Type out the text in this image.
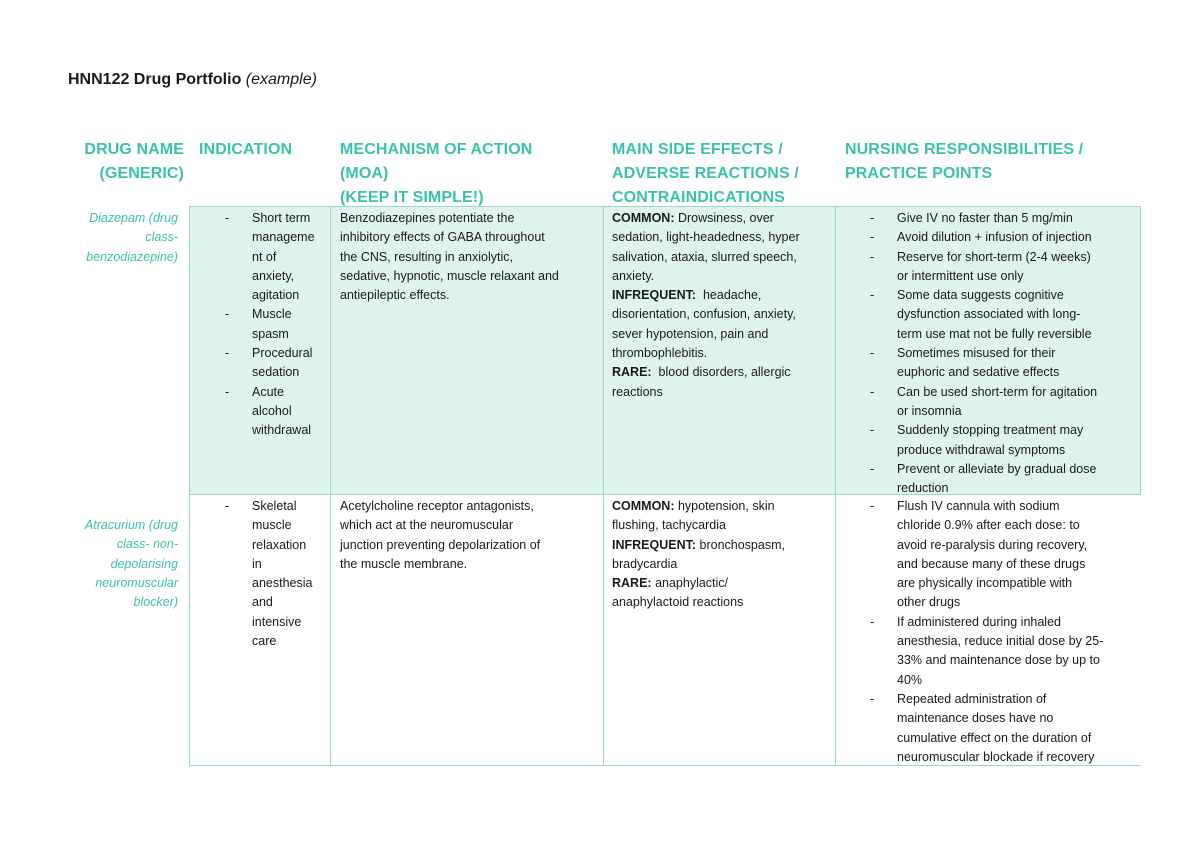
HNN122 Drug Portfolio (example)
DRUG NAME
(GENERIC)
INDICATION	MECHANISM OF ACTION
(MOA)
(KEEP IT SIMPLE!)
MAIN SIDE EFFECTS /
ADVERSE REACTIONS /
CONTRAINDICATIONS
NURSING RESPONSIBILITIES /
PRACTICE POINTS
Diazepam (drug
class-
benzodiazepine)
- Short term
manageme
nt of
anxiety,
agitation
- Muscle
spasm
- Procedural
sedation
- Acute
alcohol
withdrawal
Benzodiazepines potentiate the
inhibitory effects of GABA throughout
the CNS, resulting in anxiolytic,
sedative, hypnotic, muscle relaxant and
antiepileptic effects.
COMMON: Drowsiness, over
sedation, light-headedness, hyper
salivation, ataxia, slurred speech,
anxiety.
INFREQUENT:  headache,
disorientation, confusion, anxiety,
sever hypotension, pain and
thrombophlebitis.
RARE:  blood disorders, allergic
reactions
- Give IV no faster than 5 mg/min
- Avoid dilution + infusion of injection
- Reserve for short-term (2-4 weeks)
or intermittent use only
- Some data suggests cognitive
dysfunction associated with long-
term use mat not be fully reversible
- Sometimes misused for their
euphoric and sedative effects
- Can be used short-term for agitation
or insomnia
- Suddenly stopping treatment may
produce withdrawal symptoms
- Prevent or alleviate by gradual dose
reduction
Atracurium (drug
class- non-
depolarising
neuromuscular
blocker)
- Skeletal
muscle
relaxation
in
anesthesia
and
intensive
care
Acetylcholine receptor antagonists,
which act at the neuromuscular
junction preventing depolarization of
the muscle membrane.
COMMON: hypotension, skin
flushing, tachycardia
INFREQUENT: bronchospasm,
bradycardia
RARE: anaphylactic/
anaphylactoid reactions
- Flush IV cannula with sodium
chloride 0.9% after each dose: to
avoid re-paralysis during recovery,
and because many of these drugs
are physically incompatible with
other drugs
- If administered during inhaled
anesthesia, reduce initial dose by 25-
33% and maintenance dose by up to
40%
- Repeated administration of
maintenance doses have no
cumulative effect on the duration of
neuromuscular blockade if recovery
